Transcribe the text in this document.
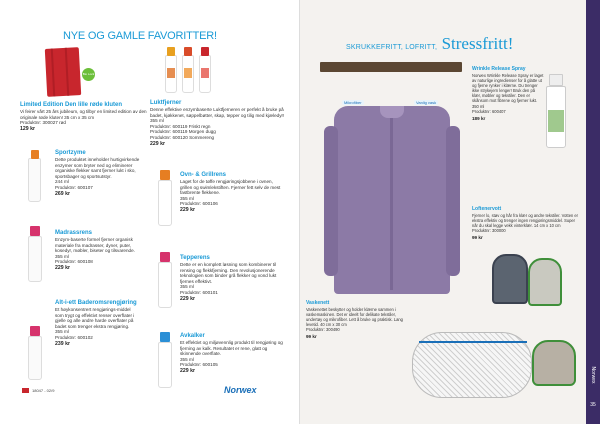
NYE OG GAMLE FAVORITTER!
Bio Lock
Limited Edition Den lille røde kluten
Vi feirer vårt 25 års jubileum, og tilbyr en limited edition av den originale røde kluten! 35 cm x 35 cm
Produktnr: 300027 rød
129 kr
Sportzyme
Dette produktet inneholder hurtigvirkende enzymer som bryter ned og eliminerer organiske flekker samt fjerner lukt i sko, sportsbager og sportsutstyr.
244 ml
Produktnr: 600107
269 kr
Madrassrens
Enzym-baserte formel fjerner organisk materiale fra madrasser, dyner, puter, kosedyr, møbler, biseter og tilsvarende.
355 ml
Produktnr: 600108
229 kr
Alt-i-ett Baderomsrengjøring
Et høykonsentrert rengjørings-middel som trygt og effektivt renser overflater i gjelle og alle andre harde overflater på badet som trenger ekstra rengjøring.
355 ml
Produktnr: 600102
239 kr
Luktfjerner
Denne effektive enzymbaserte Luktfjerneren er perfekt å bruke på badet, kjøkkenet, søppelbøtter, skap, tepper og tilig med kjæledyr!
355 ml
Produktnr: 600119 Friskt regn
Produktnr: 600119 Morgen dugg
Produktnr: 600120 Sommereng
229 kr
Ovn- & Grillrens
Laget for de tøffe rengjøringsjobbene i ovnen, grillen og swimlekstiften. Fjerner fett selv de mest fastbrente flekkene.
355 ml
Produktnr: 600106
229 kr
Tepperens
Dette er en komplett løsning som kombinerer til rensing og flekkfjerning. Den revolusjonerende teknologien som binder grå flekker og vond lukt fjernes effektivt.
355 ml
Produktnr: 600101
229 kr
Avkalker
Et effektivt og miljøvennlig produkt til rengjøring og fjerning av kalk. Resultatet er rene, glatt og skinnende overflate.
355 ml
Produktnr: 600105
229 kr
18047 - 02/9	Norwex
SKRUKKEFRITT, LOFRITT, Stressfritt!
Mikrofiber	Vanlig vask
Wrinkle Release Spray
Norwex Wrinkle Release Spray er laget av naturlige ingredienser for å glatte ut og fjerne rynker i klærne. Du trenger ikke strykejern lenger! Bruk den på klær, møbler og tekstiler. Den er skånsom mot fibrene og fjerner lukt.
350 ml
Produktnr: 600407
189 kr
Loftenervott
Fjerner lo, støv og hår fra klær og andre tekstiler. Votten er ekstra effektiv og trenger ingen rengjøringsmiddel. Super når du skal legge vekk vinterklær. 14 cm x 10 cm
Produktnr: 300000
99 kr
Vaskenett
Vaskenettet beskytter og holder klærne sammen i vaskemaskinen. Det er ideelt for delikate tekstiler, undertøy og mikrofiber. Lett å bruke og praktisk. Lang levetid. 40 cm x 30 cm
Produktnr: 300490
99 kr
Norwex
35
